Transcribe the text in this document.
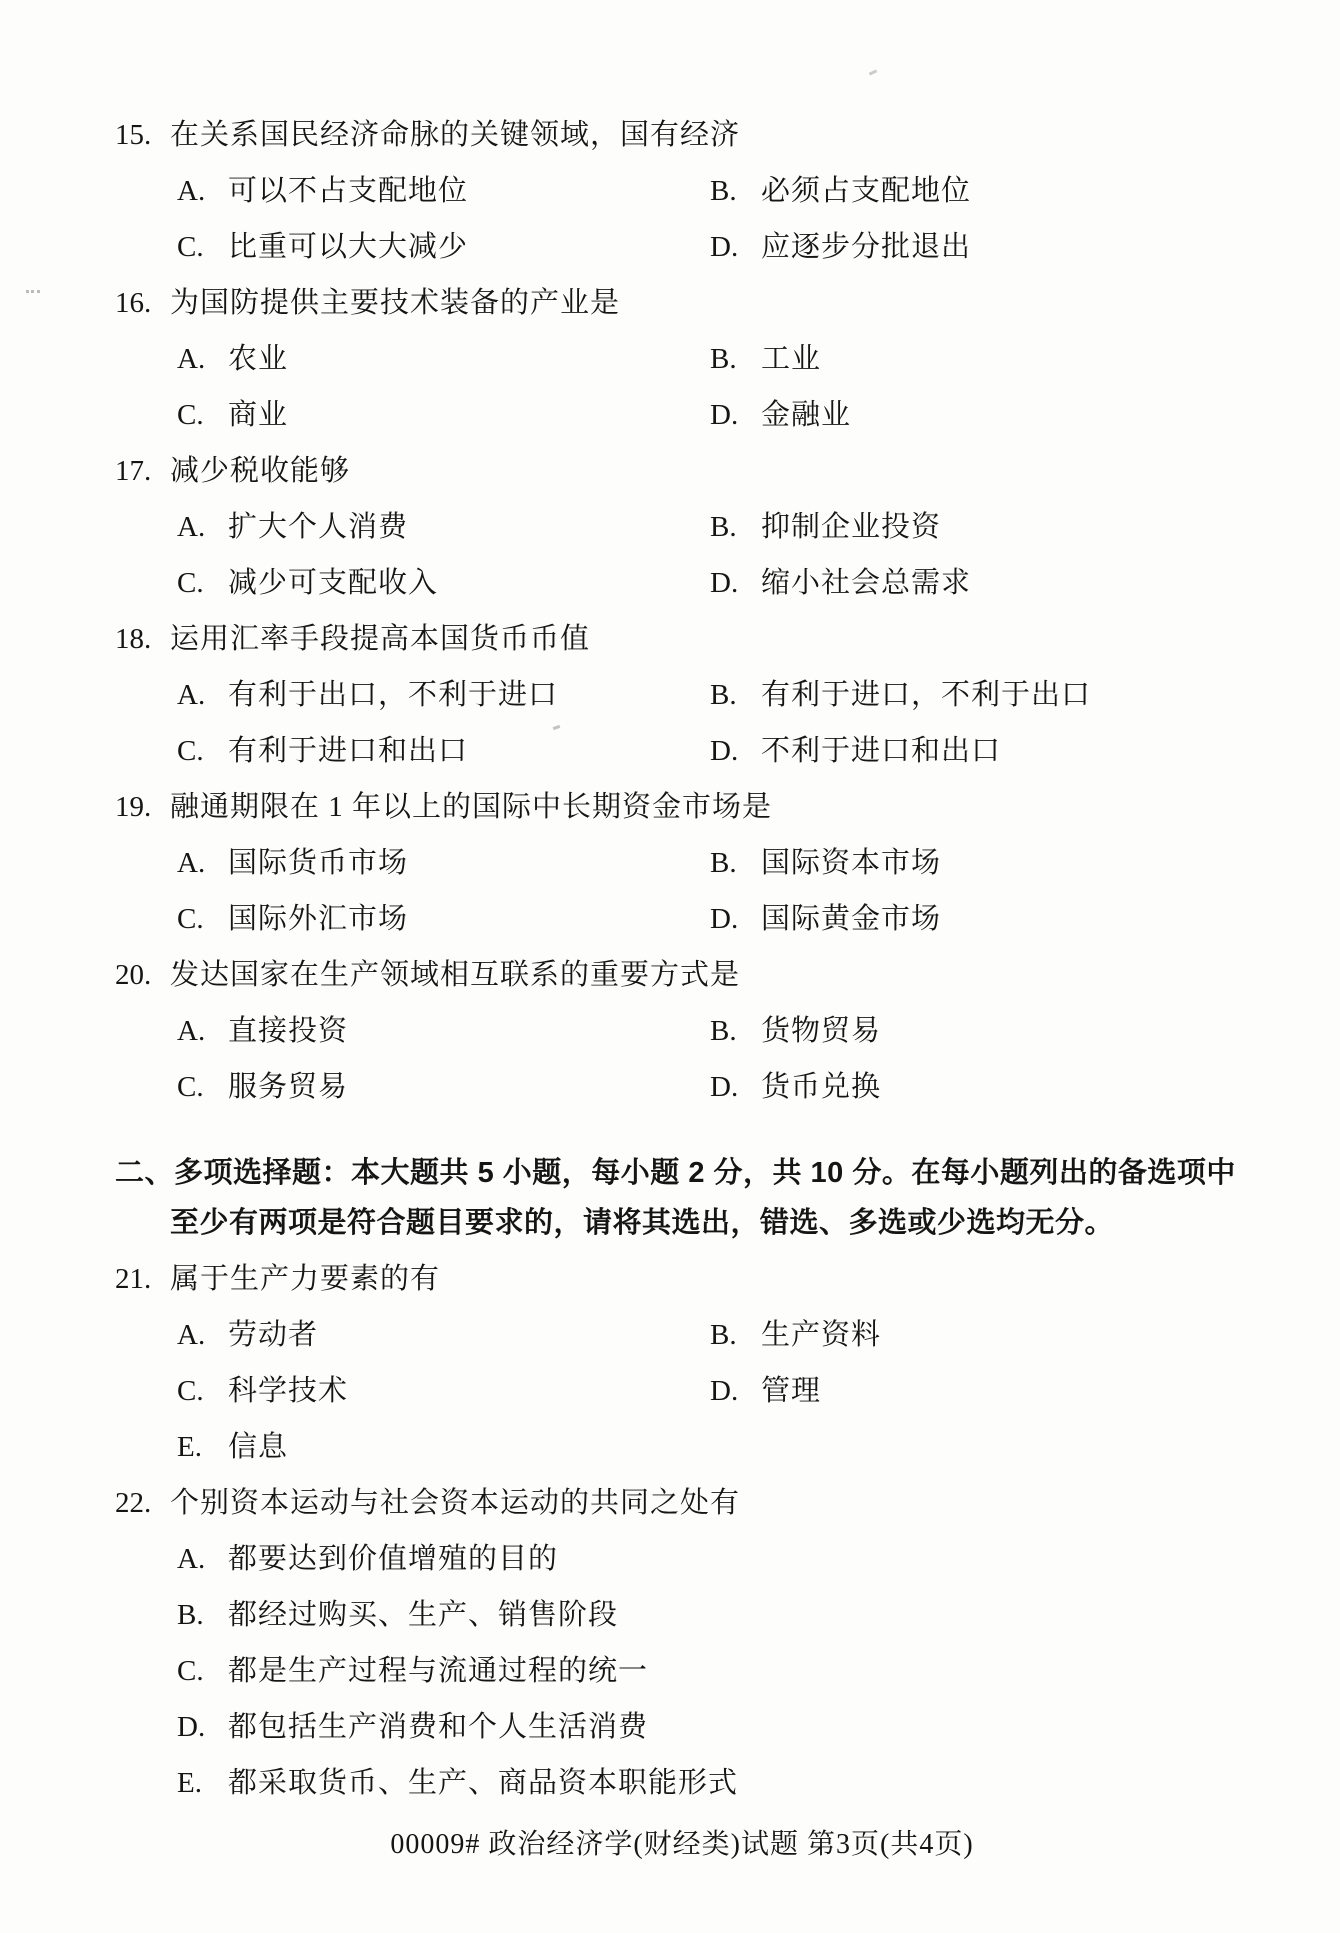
15. 在关系国民经济命脉的关键领域，国有经济
A. 可以不占支配地位	B. 必须占支配地位
C. 比重可以大大减少	D. 应逐步分批退出
16. 为国防提供主要技术装备的产业是
A. 农业	B. 工业
C. 商业	D. 金融业
17. 减少税收能够
A. 扩大个人消费	B. 抑制企业投资
C. 减少可支配收入	D. 缩小社会总需求
18. 运用汇率手段提高本国货币币值
A. 有利于出口，不利于进口	B. 有利于进口，不利于出口
C. 有利于进口和出口	D. 不利于进口和出口
19. 融通期限在 1 年以上的国际中长期资金市场是
A. 国际货币市场	B. 国际资本市场
C. 国际外汇市场	D. 国际黄金市场
20. 发达国家在生产领域相互联系的重要方式是
A. 直接投资	B. 货物贸易
C. 服务贸易	D. 货币兑换
二、多项选择题：本大题共 5 小题，每小题 2 分，共 10 分。在每小题列出的备选项中
至少有两项是符合题目要求的，请将其选出，错选、多选或少选均无分。
21. 属于生产力要素的有
A. 劳动者	B. 生产资料
C. 科学技术	D. 管理
E. 信息
22. 个别资本运动与社会资本运动的共同之处有
A. 都要达到价值增殖的目的
B. 都经过购买、生产、销售阶段
C. 都是生产过程与流通过程的统一
D. 都包括生产消费和个人生活消费
E. 都采取货币、生产、商品资本职能形式
00009# 政治经济学(财经类)试题 第3页(共4页)
